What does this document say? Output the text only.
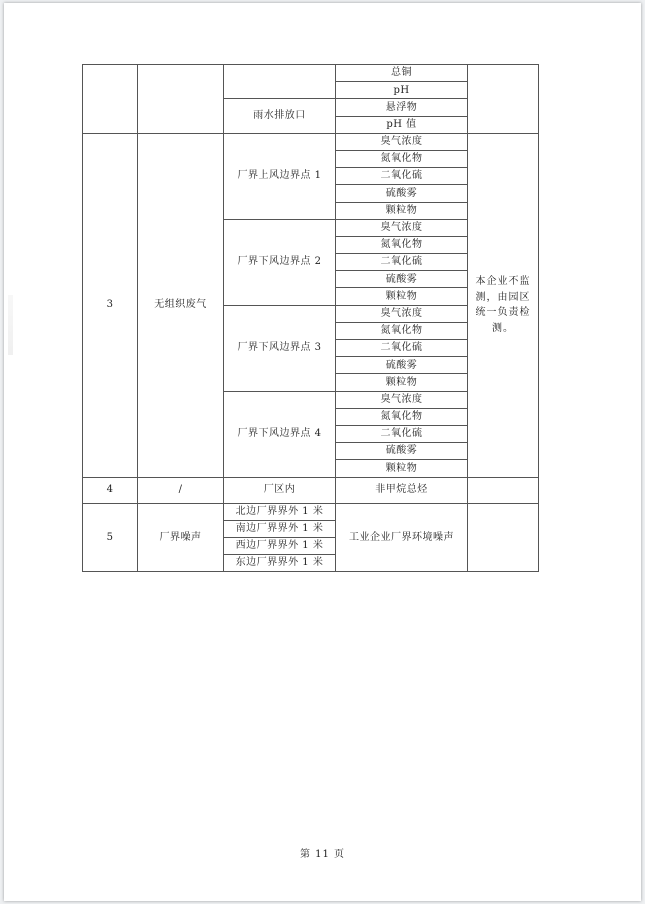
			总铜	
			pH	
		雨水排放口	悬浮物	
			pH 值	
3	无组织废气	厂界上风边界点 1	臭气浓度	本企业不监测，由园区统一负责检测。
			氮氧化物	
			二氧化硫	
			硫酸雾	
			颗粒物	
		厂界下风边界点 2	臭气浓度	
			氮氧化物	
			二氧化硫	
			硫酸雾	
			颗粒物	
		厂界下风边界点 3	臭气浓度	
			氮氧化物	
			二氧化硫	
			硫酸雾	
			颗粒物	
		厂界下风边界点 4	臭气浓度	
			氮氧化物	
			二氧化硫	
			硫酸雾	
			颗粒物	
4	/	厂区内	非甲烷总烃	
5	厂界噪声	北边厂界界外 1 米	工业企业厂界环境噪声	
		南边厂界界外 1 米		
		西边厂界界外 1 米		
		东边厂界界外 1 米		
第 11 页
